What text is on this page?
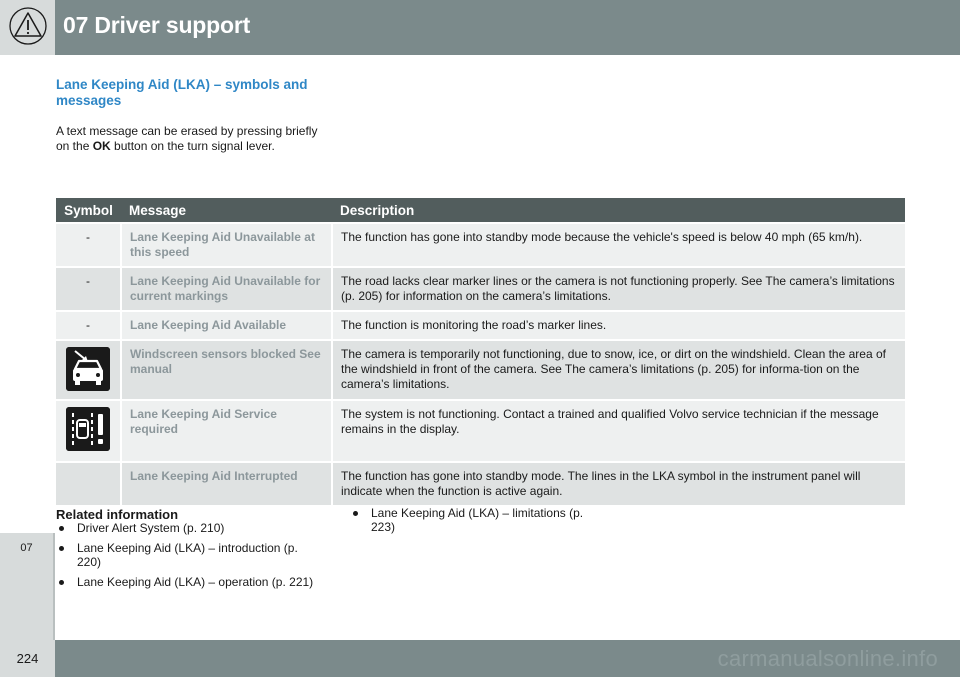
07 Driver support
07
Lane Keeping Aid (LKA) – symbols and messages
A text message can be erased by pressing briefly on the OK button on the turn signal lever.
Symbol	Message	Description
-	Lane Keeping Aid Unavailable at this speed	The function has gone into standby mode because the vehicle's speed is below 40 mph (65 km/h).
-	Lane Keeping Aid Unavailable for current markings	The road lacks clear marker lines or the camera is not functioning properly. See The camera’s limitations (p. 205) for information on the camera’s limitations.
-	Lane Keeping Aid Available	The function is monitoring the road’s marker lines.
	Windscreen sensors blocked See manual	The camera is temporarily not functioning, due to snow, ice, or dirt on the windshield. Clean the area of the windshield in front of the camera. See The camera’s limitations (p. 205) for informa-tion on the camera’s limitations.
	Lane Keeping Aid Service required	The system is not functioning. Contact a trained and qualified Volvo service technician if the message remains in the display.
	Lane Keeping Aid Interrupted	The function has gone into standby mode. The lines in the LKA symbol in the instrument panel will indicate when the function is active again.
Related information
Driver Alert System (p. 210)
Lane Keeping Aid (LKA) – introduction (p. 220)
Lane Keeping Aid (LKA) – operation (p. 221)
Lane Keeping Aid (LKA) – limitations (p. 223)
224	carmanualsonline.info
